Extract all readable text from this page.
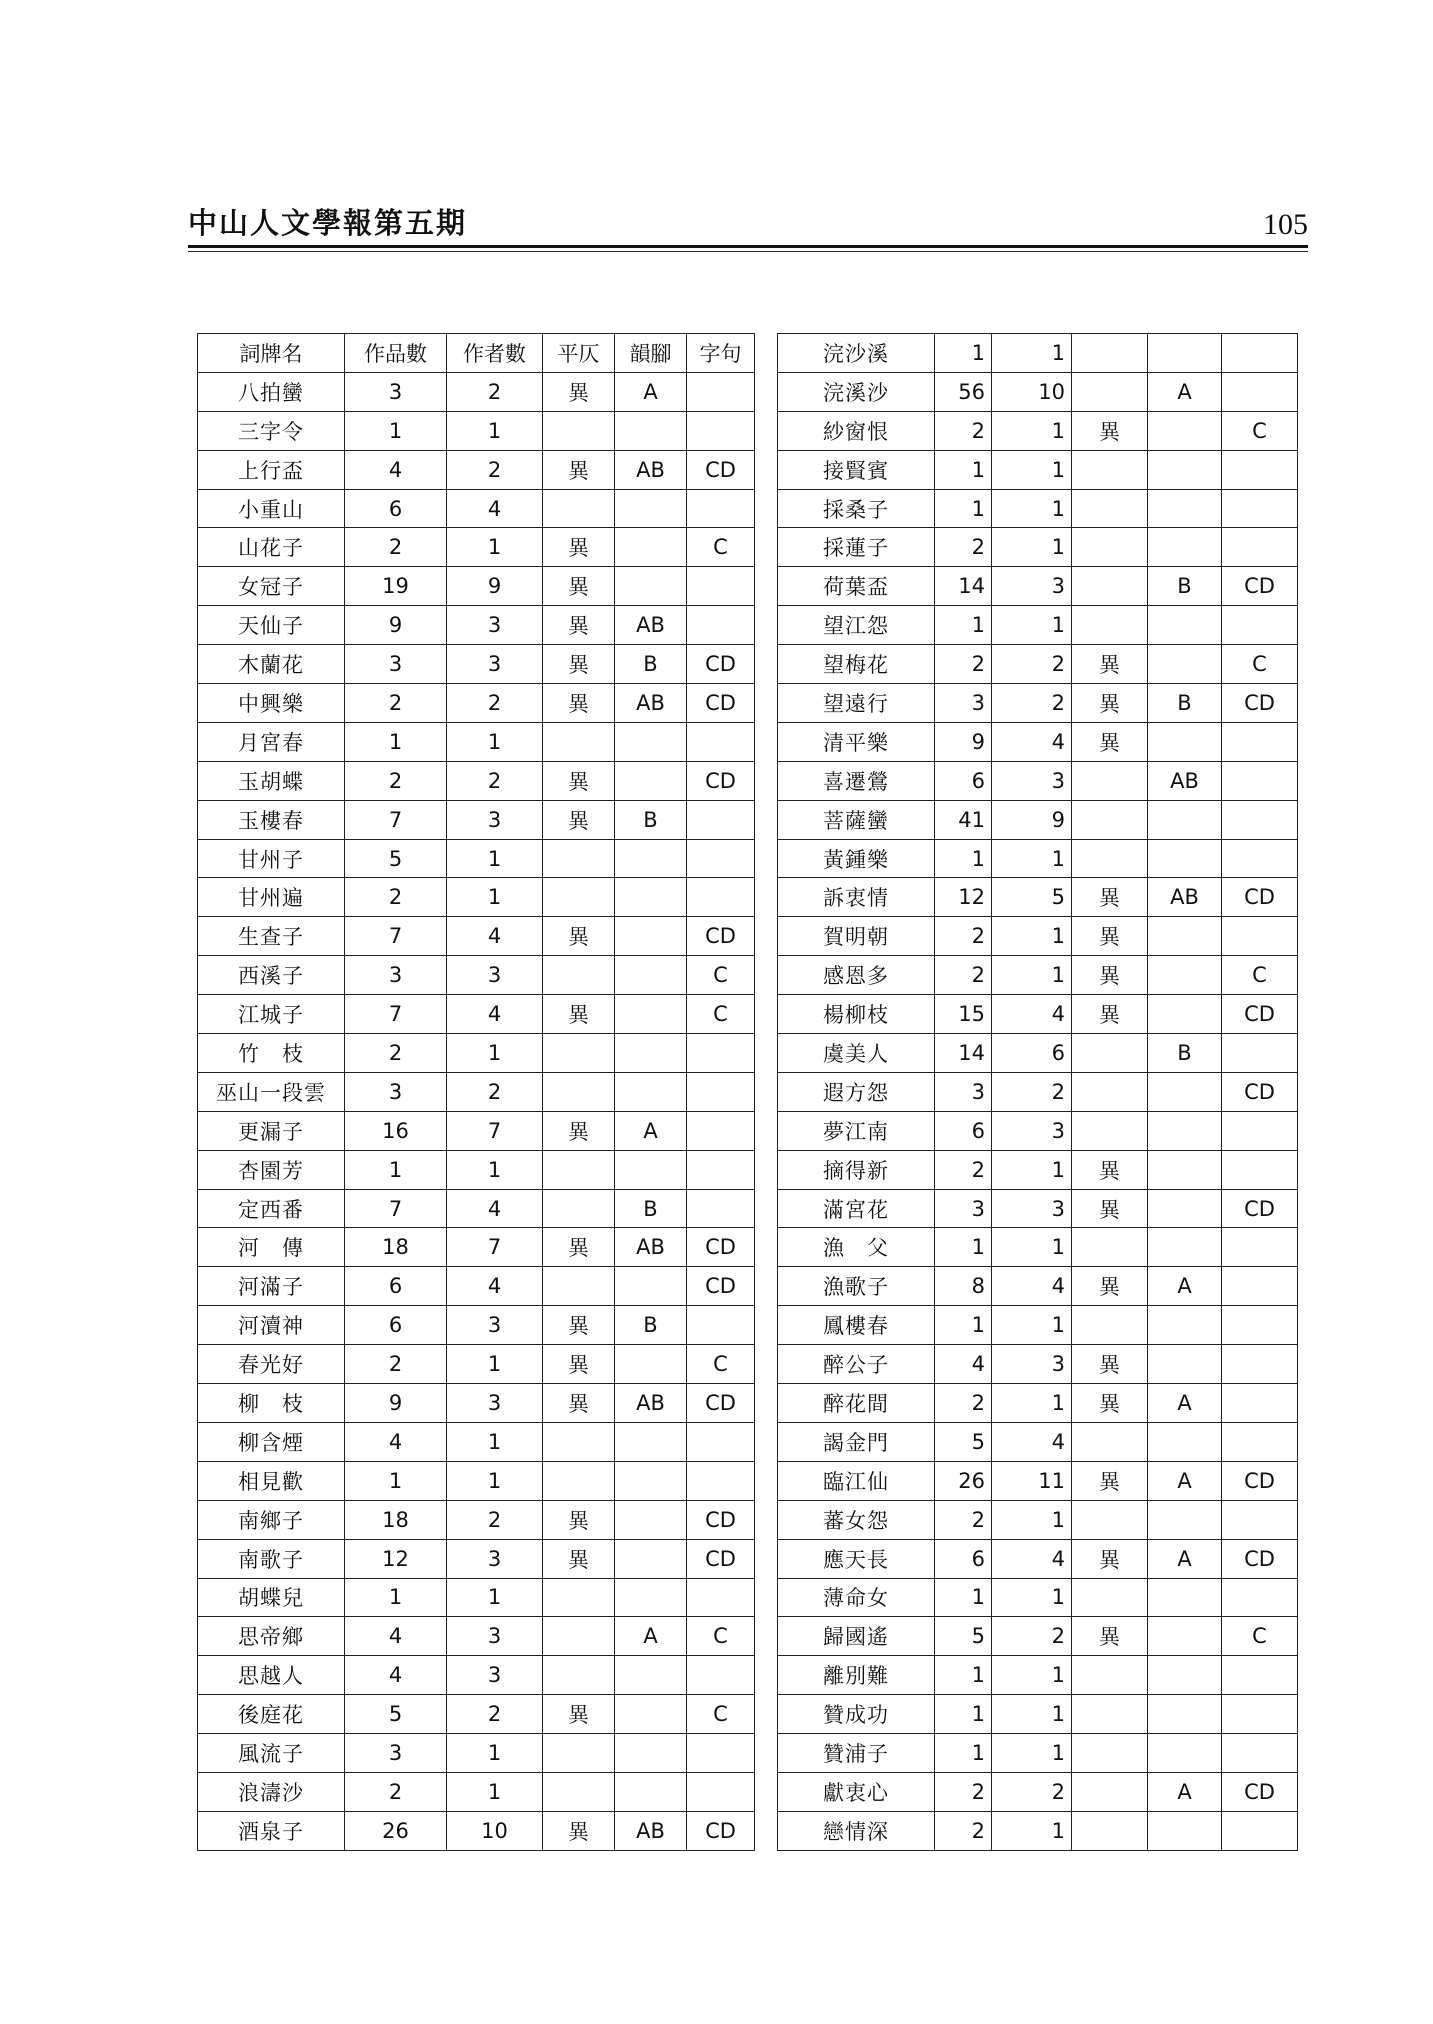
中山人文學報第五期	105
詞牌名	作品數	作者數	平仄	韻腳	字句
八拍蠻	3	2	異	A	
三字令	1	1			
上行盃	4	2	異	AB	CD
小重山	6	4			
山花子	2	1	異		C
女冠子	19	9	異		
天仙子	9	3	異	AB	
木蘭花	3	3	異	B	CD
中興樂	2	2	異	AB	CD
月宮春	1	1			
玉胡蝶	2	2	異		CD
玉樓春	7	3	異	B	
甘州子	5	1			
甘州遍	2	1			
生查子	7	4	異		CD
西溪子	3	3			C
江城子	7	4	異		C
竹　枝	2	1			
巫山一段雲	3	2			
更漏子	16	7	異	A	
杏園芳	1	1			
定西番	7	4		B	
河　傳	18	7	異	AB	CD
河滿子	6	4			CD
河瀆神	6	3	異	B	
春光好	2	1	異		C
柳　枝	9	3	異	AB	CD
柳含煙	4	1			
相見歡	1	1			
南鄉子	18	2	異		CD
南歌子	12	3	異		CD
胡蝶兒	1	1			
思帝鄉	4	3		A	C
思越人	4	3			
後庭花	5	2	異		C
風流子	3	1			
浪濤沙	2	1			
酒泉子	26	10	異	AB	CD
浣沙溪	1	1			
浣溪沙	56	10		A	
紗窗恨	2	1	異		C
接賢賓	1	1			
採桑子	1	1			
採蓮子	2	1			
荷葉盃	14	3		B	CD
望江怨	1	1			
望梅花	2	2	異		C
望遠行	3	2	異	B	CD
清平樂	9	4	異		
喜遷鶯	6	3		AB	
菩薩蠻	41	9			
黃鍾樂	1	1			
訴衷情	12	5	異	AB	CD
賀明朝	2	1	異		
感恩多	2	1	異		C
楊柳枝	15	4	異		CD
虞美人	14	6		B	
遐方怨	3	2			CD
夢江南	6	3			
摘得新	2	1	異		
滿宮花	3	3	異		CD
漁　父	1	1			
漁歌子	8	4	異	A	
鳳樓春	1	1			
醉公子	4	3	異		
醉花間	2	1	異	A	
謁金門	5	4			
臨江仙	26	11	異	A	CD
蕃女怨	2	1			
應天長	6	4	異	A	CD
薄命女	1	1			
歸國遙	5	2	異		C
離別難	1	1			
贊成功	1	1			
贊浦子	1	1			
獻衷心	2	2		A	CD
戀情深	2	1			
